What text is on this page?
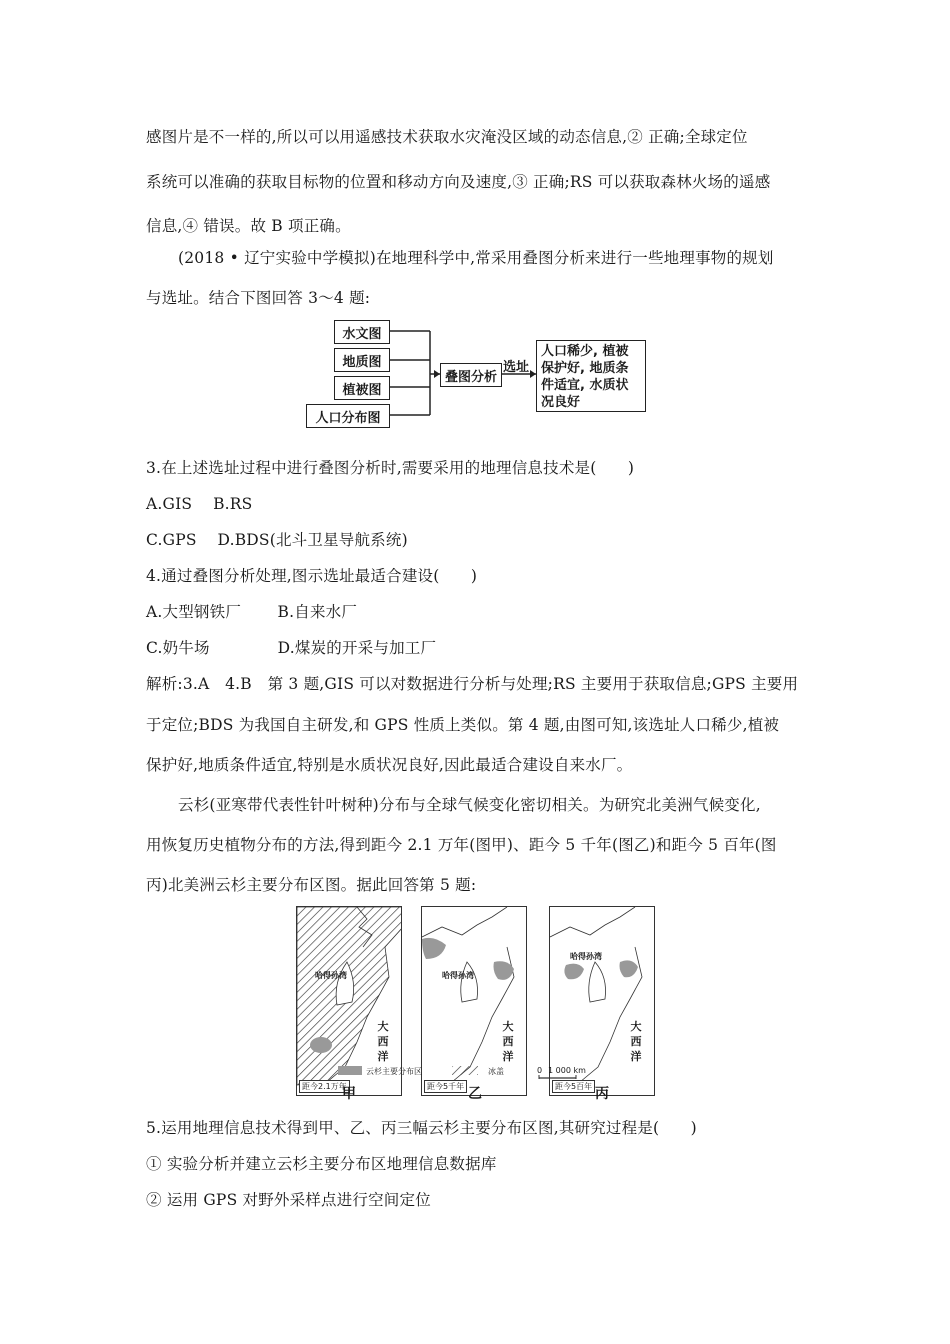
感图片是不一样的,所以可以用遥感技术获取水灾淹没区域的动态信息,② 正确;全球定位
系统可以准确的获取目标物的位置和移动方向及速度,③ 正确;RS 可以获取森林火场的遥感
信息,④ 错误。故 B 项正确。
(2018 • 辽宁实验中学模拟)在地理科学中,常采用叠图分析来进行一些地理事物的规划
与选址。结合下图回答 3～4 题:
水文图
地质图
植被图
人口分布图
叠图分析
选址
人口稀少, 植被
保护好, 地质条
件适宜, 水质状
况良好
3.在上述选址过程中进行叠图分析时,需要采用的地理信息技术是(　　)
A.GIS　 B.RS
C.GPS　 D.BDS(北斗卫星导航系统)
4.通过叠图分析处理,图示选址最适合建设(　　)
A.大型钢铁厂　　 B.自来水厂
C.奶牛场　　　　 D.煤炭的开采与加工厂
解析:3.A　4.B　第 3 题,GIS 可以对数据进行分析与处理;RS 主要用于获取信息;GPS 主要用
于定位;BDS 为我国自主研发,和 GPS 性质上类似。第 4 题,由图可知,该选址人口稀少,植被
保护好,地质条件适宜,特别是水质状况良好,因此最适合建设自来水厂。
云杉(亚寒带代表性针叶树种)分布与全球气候变化密切相关。为研究北美洲气候变化,
用恢复历史植物分布的方法,得到距今 2.1 万年(图甲)、距今 5 千年(图乙)和距今 5 百年(图
丙)北美洲云杉主要分布区图。据此回答第 5 题:
哈得孙湾
大
西
洋
距今2.1万年
哈得孙湾
大
西
洋
距今5千年
哈得孙湾
大
西
洋
距今5百年
云杉主要分布区	冰盖	0 1 000 km
甲	乙	丙
5.运用地理信息技术得到甲、乙、丙三幅云杉主要分布区图,其研究过程是(　　)
① 实验分析并建立云杉主要分布区地理信息数据库
② 运用 GPS 对野外采样点进行空间定位
